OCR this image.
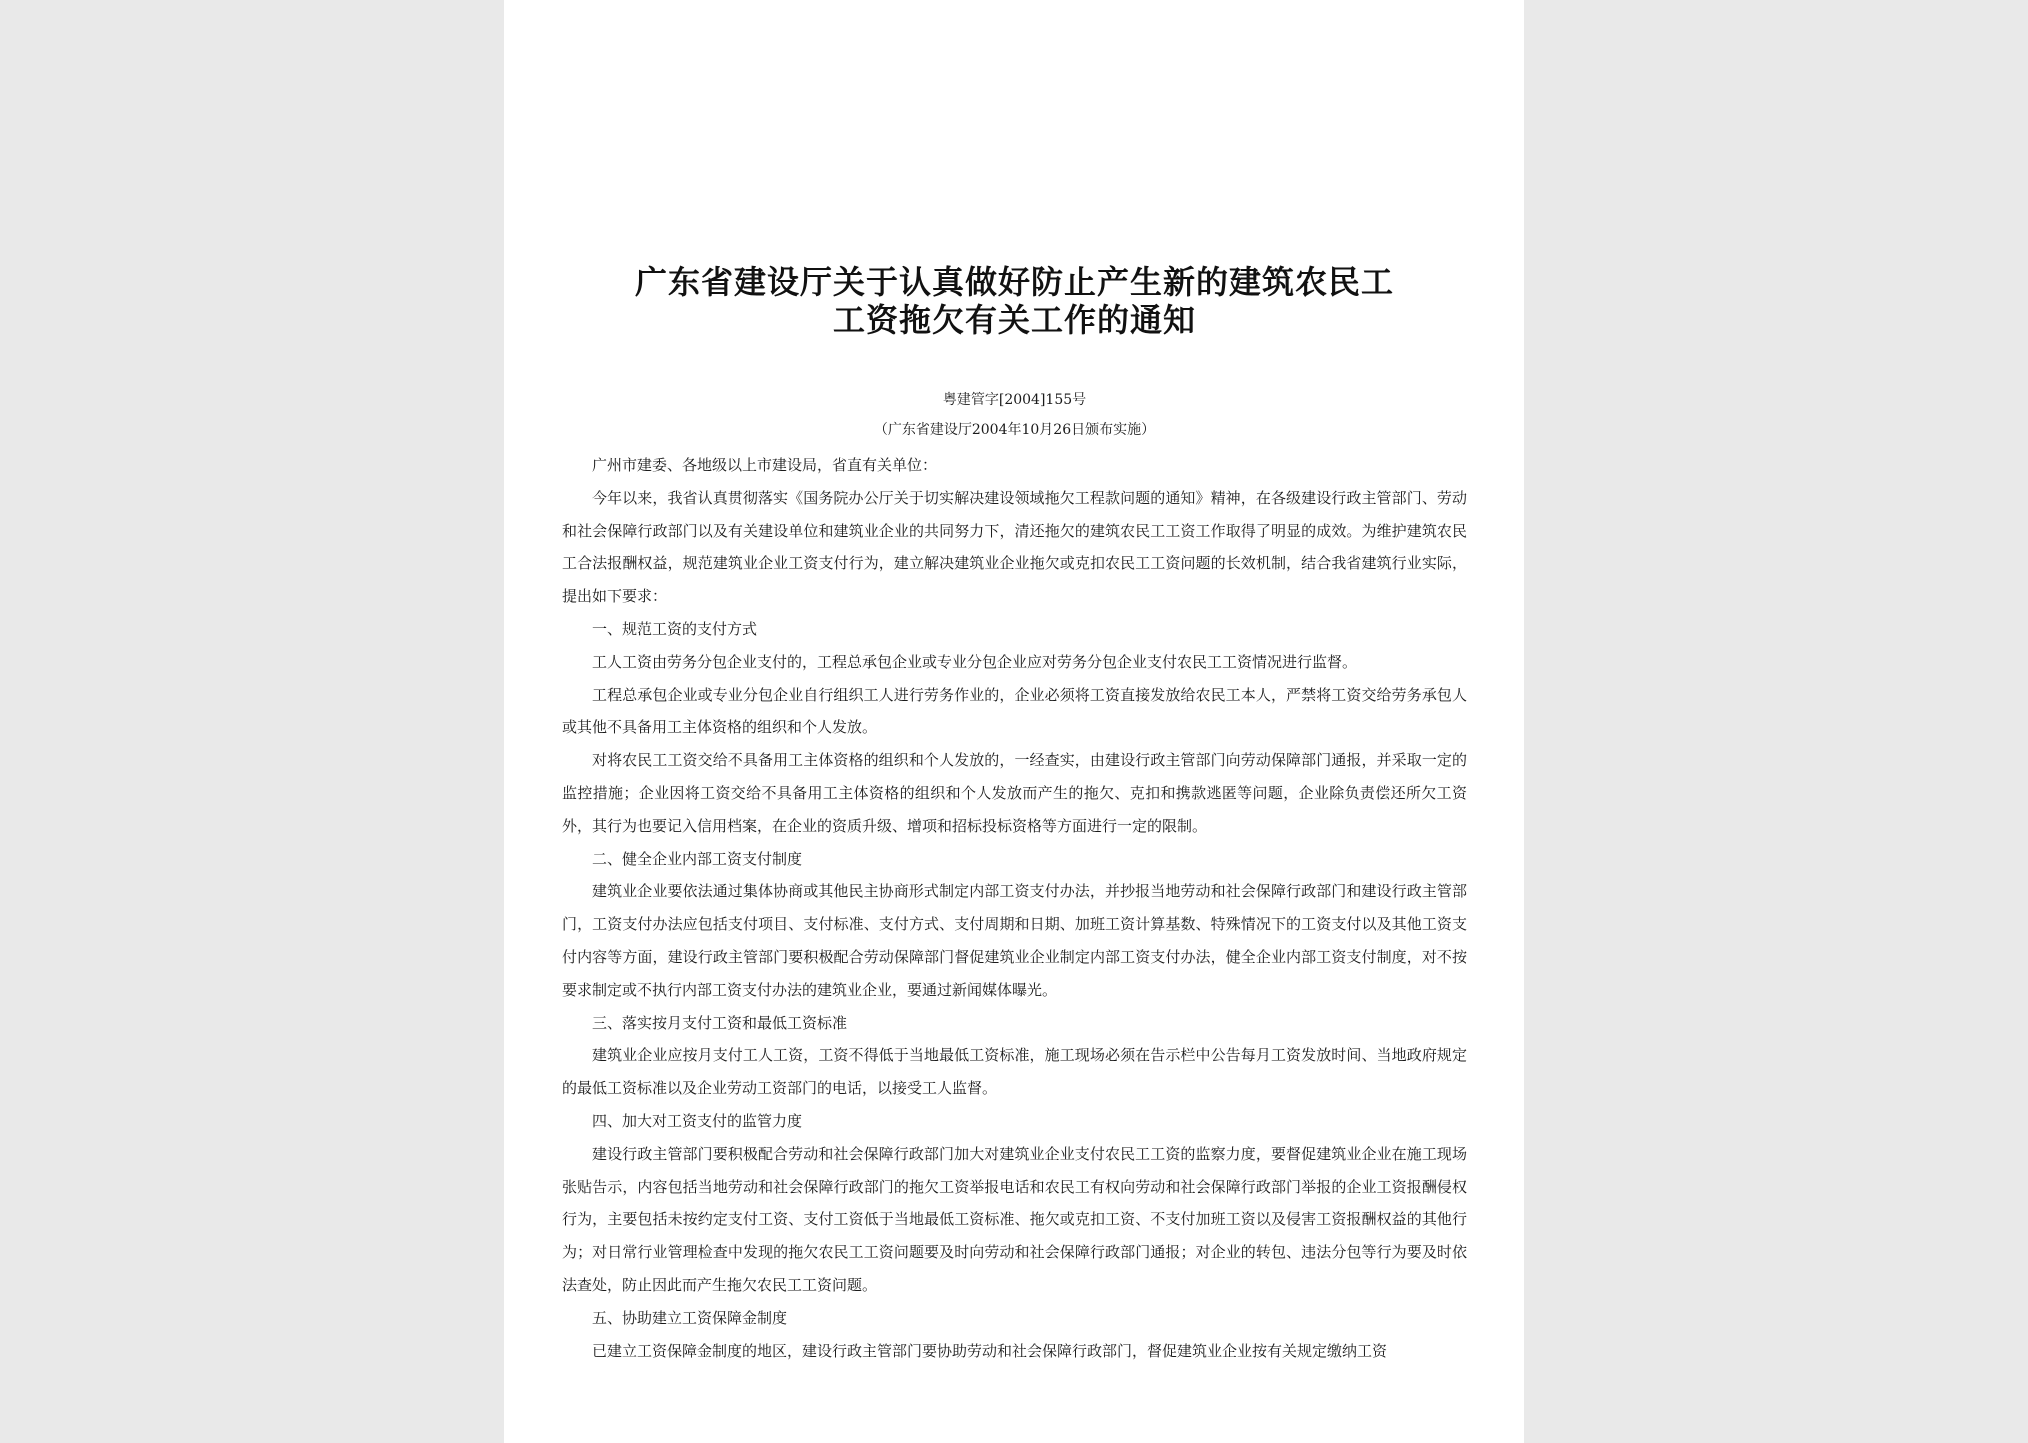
广东省建设厅关于认真做好防止产生新的建筑农民工
工资拖欠有关工作的通知
粤建管字[2004]155号
（广东省建设厅2004年10月26日颁布实施）

广州市建委、各地级以上市建设局，省直有关单位：

今年以来，我省认真贯彻落实《国务院办公厅关于切实解决建设领域拖欠工程款问题的通知》精神，在各级建设行政主管部门、劳动和社会保障行政部门以及有关建设单位和建筑业企业的共同努力下，清还拖欠的建筑农民工工资工作取得了明显的成效。为维护建筑农民工合法报酬权益，规范建筑业企业工资支付行为，建立解决建筑业企业拖欠或克扣农民工工资问题的长效机制，结合我省建筑行业实际，提出如下要求：

一、规范工资的支付方式

工人工资由劳务分包企业支付的，工程总承包企业或专业分包企业应对劳务分包企业支付农民工工资情况进行监督。

工程总承包企业或专业分包企业自行组织工人进行劳务作业的，企业必须将工资直接发放给农民工本人，严禁将工资交给劳务承包人或其他不具备用工主体资格的组织和个人发放。

对将农民工工资交给不具备用工主体资格的组织和个人发放的，一经查实，由建设行政主管部门向劳动保障部门通报，并采取一定的监控措施；企业因将工资交给不具备用工主体资格的组织和个人发放而产生的拖欠、克扣和携款逃匿等问题，企业除负责偿还所欠工资外，其行为也要记入信用档案，在企业的资质升级、增项和招标投标资格等方面进行一定的限制。

二、健全企业内部工资支付制度

建筑业企业要依法通过集体协商或其他民主协商形式制定内部工资支付办法，并抄报当地劳动和社会保障行政部门和建设行政主管部门，工资支付办法应包括支付项目、支付标准、支付方式、支付周期和日期、加班工资计算基数、特殊情况下的工资支付以及其他工资支付内容等方面，建设行政主管部门要积极配合劳动保障部门督促建筑业企业制定内部工资支付办法，健全企业内部工资支付制度，对不按要求制定或不执行内部工资支付办法的建筑业企业，要通过新闻媒体曝光。

三、落实按月支付工资和最低工资标准

建筑业企业应按月支付工人工资，工资不得低于当地最低工资标准，施工现场必须在告示栏中公告每月工资发放时间、当地政府规定的最低工资标准以及企业劳动工资部门的电话，以接受工人监督。

四、加大对工资支付的监管力度

建设行政主管部门要积极配合劳动和社会保障行政部门加大对建筑业企业支付农民工工资的监察力度，要督促建筑业企业在施工现场张贴告示，内容包括当地劳动和社会保障行政部门的拖欠工资举报电话和农民工有权向劳动和社会保障行政部门举报的企业工资报酬侵权行为，主要包括未按约定支付工资、支付工资低于当地最低工资标准、拖欠或克扣工资、不支付加班工资以及侵害工资报酬权益的其他行为；对日常行业管理检查中发现的拖欠农民工工资问题要及时向劳动和社会保障行政部门通报；对企业的转包、违法分包等行为要及时依法查处，防止因此而产生拖欠农民工工资问题。

五、协助建立工资保障金制度

已建立工资保障金制度的地区，建设行政主管部门要协助劳动和社会保障行政部门，督促建筑业企业按有关规定缴纳工资
